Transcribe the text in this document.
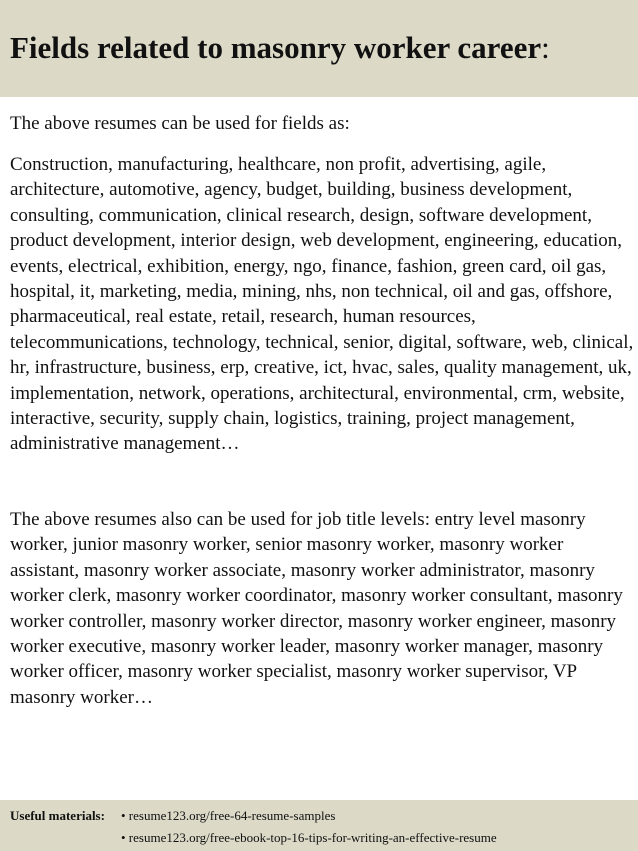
Fields related to masonry worker career:

The above resumes can be used for fields as:

Construction, manufacturing, healthcare, non profit, advertising, agile, architecture, automotive, agency, budget, building, business development, consulting, communication, clinical research, design, software development, product development, interior design, web development, engineering, education, events, electrical, exhibition, energy, ngo, finance, fashion, green card, oil gas, hospital, it, marketing, media, mining, nhs, non technical, oil and gas, offshore, pharmaceutical, real estate, retail, research, human resources, telecommunications, technology, technical, senior, digital, software, web, clinical, hr, infrastructure, business, erp, creative, ict, hvac, sales, quality management, uk, implementation, network, operations, architectural, environmental, crm, website, interactive, security, supply chain, logistics, training, project management, administrative management…

The above resumes also can be used for job title levels: entry level masonry worker, junior masonry worker, senior masonry worker, masonry worker assistant, masonry worker associate, masonry worker administrator, masonry worker clerk, masonry worker coordinator, masonry worker consultant, masonry worker controller, masonry worker director, masonry worker engineer, masonry worker executive, masonry worker leader, masonry worker manager, masonry worker officer, masonry worker specialist, masonry worker supervisor, VP masonry worker…

Useful materials: • resume123.org/free-64-resume-samples
• resume123.org/free-ebook-top-16-tips-for-writing-an-effective-resume
